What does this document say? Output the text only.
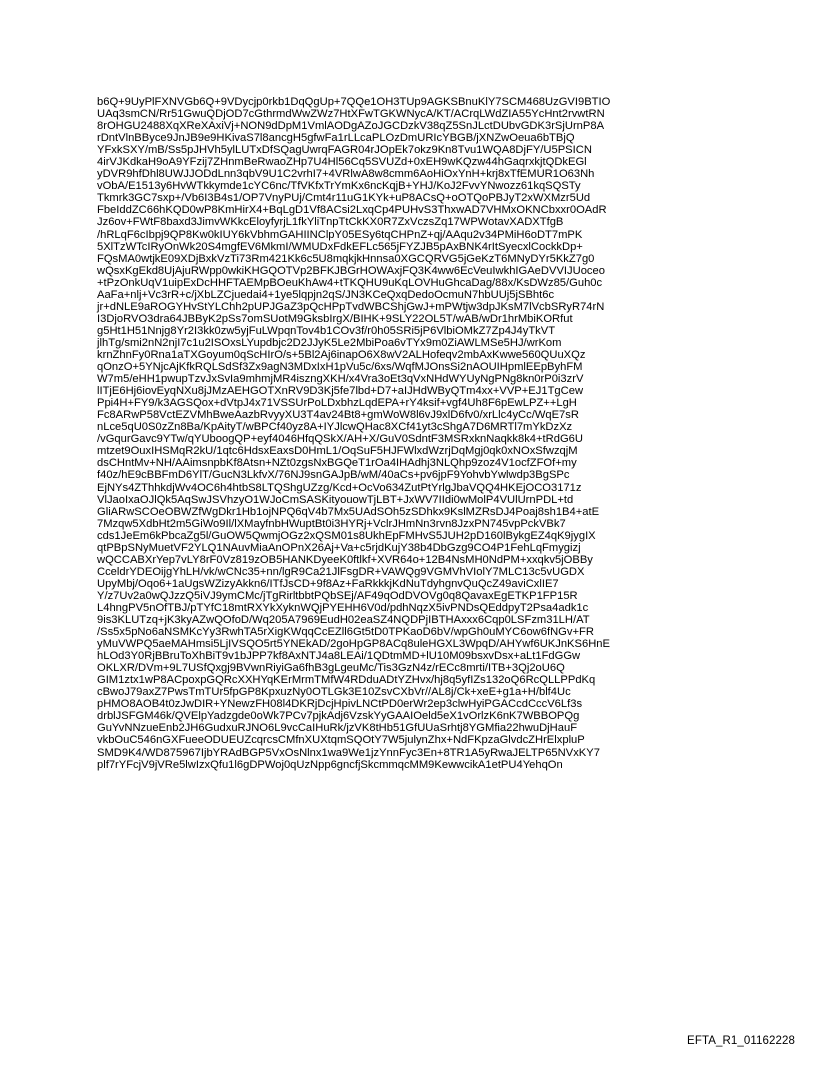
b6Q+9UyPlFXNVGb6Q+9VDycjp0rkb1DqQgUp+7QQe1OH3TUp9AGKSBnuKlY7SCM468UzGVI9BTIO
UAq3smCN/Rr51GwuQDjOD7cGthrmdWwZWz7HtXFwTGKWNycA/KT/ACrqLWdZIA55YcHnt2rvwtRN
8rOHGU2488XqXReXAxiVj+NON9dDpM1VmlAODgAZoJGCDzkV38qZ5SnJLctDUbvGDK3rSjUrnP8A
rDntVlnBByce9JnJB9e9HKivaS7l8ancgH5gfwFa1rLLcaPLOzDmURIcYBGB/jXNZwOeua6bTBjQ
YFxkSXY/mB/Ss5pJHVh5ylLUTxDfSQagUwrqFAGR04rJOpEk7okz9Kn8Tvu1WQA8DjFY/U5PSICN
4irVJKdkaH9oA9YFzij7ZHnmBeRwaoZHp7U4Hl56Cq5SVUZd+0xEH9wKQzw44hGaqrxkjtQDkEGl
yDVR9hfDhl8UWJJODdLnn3qbV9U1C2vrhI7+4VRlwA8w8cmm6AoHiOxYnH+krj8xTfEMUR1O63Nh
vObA/E1513y6HvWTkkymde1cYC6nc/TfVKfxTrYmKx6ncKqjB+YHJ/KoJ2FvvYNwozz61kqSQSTy
Tkmrk3GC7sxp+/Vb6I3B4s1/OP7VnyPUj/Cmt4r11uG1KYk+uP8ACsQ+oOTQoPBJyT2xWXMzr5Ud
FbeIddZC66hKQD0wP8KmHirX4+BqLgD1Vf8ACsi2LxqCp4PUHvS3ThxwAD7VHMxOKNCbxxr0OAdR
Jz6ov+FWtF8baxd3JimvWKkcEloyfyrjL1fkYliTnpTtCkKX0R7ZxVczsZq17WPWotavXADXTfgB
/hRLqF6cIbpj9QP8Kw0kIUY6kVbhmGAHIINClpY05ESy6tqCHPnZ+qj/AAqu2v34PMiH6oDT7mPK
5XlTzWTcIRyOnWk20S4mgfEV6MkmI/WMUDxFdkEFLc565jFYZJB5pAxBNK4rItSyecxlCockkDp+
FQsMA0wtjkE09XDjBxkVzTi73Rm421Kk6c5U8mqkjkHnnsa0XGCQRVG5jGeKzT6MNyDYr5KkZ7g0
wQsxKgEkd8UjAjuRWpp0wkiKHGQOTVp2BFKJBGrHOWAxjFQ3K4ww6EcVeuIwkhIGAeDVVIJUoceo
+tPzOnkUqV1uipExDcHHFTAEMpBOeuKhAw4+tTKQHU9uKqLOVHuGhcaDag/88x/KsDWz85/Guh0c
AaFa+nlj+Vc3rR+c/jXbLZCjuedai4+1ye5lqpjn2qS/JN3KCeQxqDedoOcmuN7hbUUj5jSBht6c
jr+dNLE9aROGYHvStYLChh2pUPJGaZ3pQcHPpTvdWBCShjGwJ+mPWtjw3dpJKsM7lVcbSRyR74rN
I3DjoRVO3dra64JBByK2pSs7omSUotM9GksbIrgX/BIHK+9SLY22OL5T/wAB/wDr1hrMbiKORfut
g5Ht1H51Nnjg8Yr2I3kk0zw5yjFuLWpqnTov4b1COv3f/r0h05SRi5jP6VlbiOMkZ7Zp4J4yTkVT
jlhTg/smi2nN2njI7c1u2ISOxsLYupdbjc2D2JJyK5Le2MbiPoa6vTYx9m0ZiAWLMSe5HJ/wrKom
krnZhnFy0Rna1aTXGoyum0qScHIrO/s+5Bl2Aj6inapO6X8wV2ALHofeqv2mbAxKwwe560QUuXQz
qOnzO+5YNjcAjKfkRQLSdSf3Zx9agN3MDxIxH1pVu5c/6xs/WqfMJOnsSi2nAOUIHpmlEEpByhFM
W7m5/eHH1pwupTzvJxSvIa9mhmjMR4iszngXKH/x4Vra3oEt3qVxNHdWYUyNgPNg8kn0rP0i3zrV
lITjE6Hj6iovEyqNXu8jJMzAEHGOTXnRV9D3Kj5fe7lbd+D7+aIJHdWByQTm4xx+VVP+EJ1TgCew
Ppi4H+FY9/k3AGSQox+dVtpJ4x71VSSUrPoLDxbhzLqdEPA+rY4ksif+vgf4Uh8F6pEwLPZ++LgH
Fc8ARwP58VctEZVMhBweAazbRvyyXU3T4av24Bt8+gmWoW8l6vJ9xlD6fv0/xrLlc4yCc/WqE7sR
nLce5qU0S0zZn8Ba/KpAityT/wBPCf40yz8A+IYJlcwQHac8XCf41yt3cShgA7D6MRTl7mYkDzXz
/vGqurGavc9YTw/qYUboogQP+eyf4046HfqQSkX/AH+X/GuV0SdntF3MSRxknNaqkk8k4+tRdG6U
mtzet9OuxIHSMqR2kU/1qtc6HdsxEaxsD0HmL1/OqSuF5HJFWlxdWzrjDqMgj0qk0xNOxSfwzqjM
dsCHntMv+NH/AAimsnpbKf8Atsn+NZt0zgsNxBGQeT1rOa4IHAdhj3NLQhp9zoz4V1ocfZFOf+my
f40z/hE9cBBFmD6YlT/GucN3LkfvX/76NJ9snGAJpB/wM/40aCs+pv6jpF9YohvbYwlwdp3BgSPc
EjNYs4ZThhkdjWv4OC6h4htbS8LTQShgUZzg/Kcd+OcVo634ZutPtYrlgJbaVQQ4HKEjOCO3171z
VlJaoIxaOJlQk5AqSwJSVhzyO1WJoCmSASKityouowTjLBT+JxWV7IIdi0wMolP4VUlUrnPDL+td
GliARwSCOeOBWZfWgDkr1Hb1ojNPQ6qV4b7Mx5UAdSOh5zSDhkx9KslMZRsDJ4Poaj8sh1B4+atE
7Mzqw5XdbHt2m5GiWo9Il/lXMayfnbHWuptBt0i3HYRj+VclrJHmNn3rvn8JzxPN745vpPckVBk7
cds1JeEm6kPbcaZg5l/GuOW5QwmjOGz2xQSM01s8UkhEpFMHvS5JUH2pD160lBykgEZ4qK9jygIX
qtPBpSNyMuetVF2YLQ1NAuvMiaAnOPnX26Aj+Va+c5rjdKujY38b4DbGzg9CO4P1FehLqFmygizj
wQCCABXrYep7vLY8rF0Vz819zOB5HANKDyeeK0ftlkf+XVR64o+12B4NsMH0NdPM+xxqkv5jOBBy
CceldrYDEOijgYhLH/vk/wCNc35+nn/lgR9Ca21JlFsgDR+VAWQg9VGMVhVIolY7MLC13c5vUGDX
UpyMbj/Oqo6+1aUgsWZizyAkkn6/ITfJsCD+9f8Az+FaRkkkjKdNuTdyhgnvQuQcZ49aviCxlIE7
Y/z7Uv2a0wQJzzQ5iVJ9ymCMc/jTgRirltbbtPQbSEj/AF49qOdDVOVg0q8QavaxEgETKP1FP15R
L4hngPV5nOfTBJ/pTYfC18mtRXYkXyknWQjPYEHH6V0d/pdhNqzX5ivPNDsQEddpyT2Psa4adk1c
9is3KLUTzq+jK3kyAZwQOfoD/Wq205A7969EudH02eaSZ4NQDPjIBTHAxxx6Cqp0LSFzm31LH/AT
/Ss5x5pNo6aNSMKcYy3RwhTA5rXigKWqqCcEZll6Gt5tD0TPKaoD6bV/wpGh0uMYC6ow6fNGv+FR
yMuVWPQ5aeMAHmsi5LjIVSQO5rt5YNEkAD/2goHpGP8ACq8uleHGXL3WpqD/AHYwf6UKJnKS6HnE
hLOd3Y0RjBBruToXhBiT9v1bJPP7kf8AxNTJ4a8LEAi/1QDtmMD+lU10M09bsxvDsx+aLt1FdGGw
OKLXR/DVm+9L7USfQxgj9BVwnRiyiGa6fhB3gLgeuMc/Tis3GzN4z/rECc8mrti/ITB+3Qj2oU6Q
GIM1ztx1wP8ACpoxpGQRcXXHYqKErMrmTMfW4RDduADtYZHvx/hj8q5yfIZs132oQ6RcQLLPPdKq
cBwoJ79axZ7PwsTmTUr5fpGP8KpxuzNy0OTLGk3E10ZsvCXbVr//AL8j/Ck+xeE+g1a+H/blf4Uc
pHMO8AOB4t0zJwDIR+YNewzFH08l4DKRjDcjHpivLNCtPD0erWr2ep3clwHyiPGACcdCccV6Lf3s
drblJSFGM46k/QVElpYadzgde0oWk7PCv7pjkAdj6VzskYyGAAIOeld5eX1vOrlzK6nK7WBBOPQg
GuYvNNzueEnb2JH6GudxuRJNO6L9vcCaIHuRk/jzVK8tHb51GfUUaSrhtj8YGMfia22hwuDjHauF
vkbOuC546nGXFueeODUEUZcqrcsCMfnXUXtqmSQOtY7W5julynZhx+NdFKpzaGlvdcZHrElxpluP
SMD9K4/WD875967IjbYRAdBGP5VxOsNlnx1wa9We1jzYnnFyc3En+8TR1A5yRwaJELTP65NVxKY7
plf7rYFcjV9jVRe5lwIzxQfu1l6gDPWoj0qUzNpp6gncfjSkcmmqcMM9KewwcikA1etPU4YehqOn
EFTA_R1_01162228
